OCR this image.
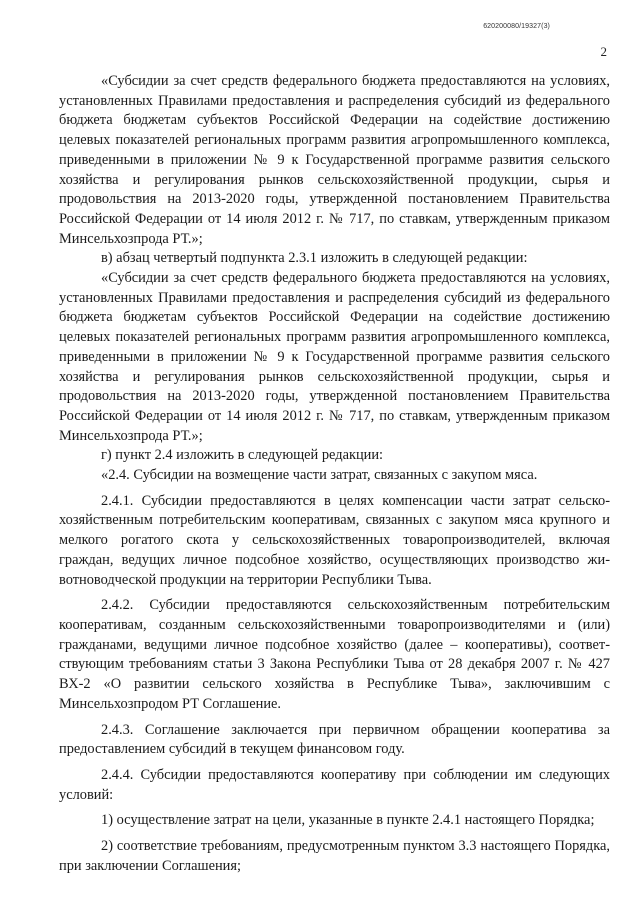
620200080/19327(3)
2

«Субсидии за счет средств федерального бюджета предоставляются на условиях, установленных Правилами предоставления и распределения субсидий из федерального бюджета бюджетам субъектов Российской Федерации на содействие достижению целевых показателей региональных программ развития агропромышленного комплекса, приведенными в приложении № 9 к Государственной программе развития сельского хозяйства и регулирования рынков сельскохозяйственной продукции, сырья и продовольствия на 2013-2020 годы, утвержденной постановлением Правительства Российской Федерации от 14 июля 2012 г. № 717, по ставкам, утвержденным приказом Минсельхозпрода РТ.»;

в) абзац четвертый подпункта 2.3.1 изложить в следующей редакции:

«Субсидии за счет средств федерального бюджета предоставляются на условиях, установленных Правилами предоставления и распределения субсидий из федерального бюджета бюджетам субъектов Российской Федерации на содействие достижению целевых показателей региональных программ развития агропромышленного комплекса, приведенными в приложении № 9 к Государственной программе развития сельского хозяйства и регулирования рынков сельскохозяйственной продукции, сырья и продовольствия на 2013-2020 годы, утвержденной постановлением Правительства Российской Федерации от 14 июля 2012 г. № 717, по ставкам, утвержденным приказом Минсельхозпрода РТ.»;

г) пункт 2.4 изложить в следующей редакции:

«2.4. Субсидии на возмещение части затрат, связанных с закупом мяса.

2.4.1. Субсидии предоставляются в целях компенсации части затрат сельскохозяйственным потребительским кооперативам, связанных с закупом мяса крупного и мелкого рогатого скота у сельскохозяйственных товаропроизводителей, включая граждан, ведущих личное подсобное хозяйство, осуществляющих производство животноводческой продукции на территории Республики Тыва.

2.4.2. Субсидии предоставляются сельскохозяйственным потребительским кооперативам, созданным сельскохозяйственными товаропроизводителями и (или) гражданами, ведущими личное подсобное хозяйство (далее – кооперативы), соответствующим требованиям статьи 3 Закона Республики Тыва от 28 декабря 2007 г. № 427 ВХ-2 «О развитии сельского хозяйства в Республике Тыва», заключившим с Минсельхозпродом РТ Соглашение.

2.4.3. Соглашение заключается при первичном обращении кооператива за предоставлением субсидий в текущем финансовом году.

2.4.4. Субсидии предоставляются кооперативу при соблюдении им следующих условий:

1) осуществление затрат на цели, указанные в пункте 2.4.1 настоящего Порядка;

2) соответствие требованиям, предусмотренным пунктом 3.3 настоящего Порядка, при заключении Соглашения;
